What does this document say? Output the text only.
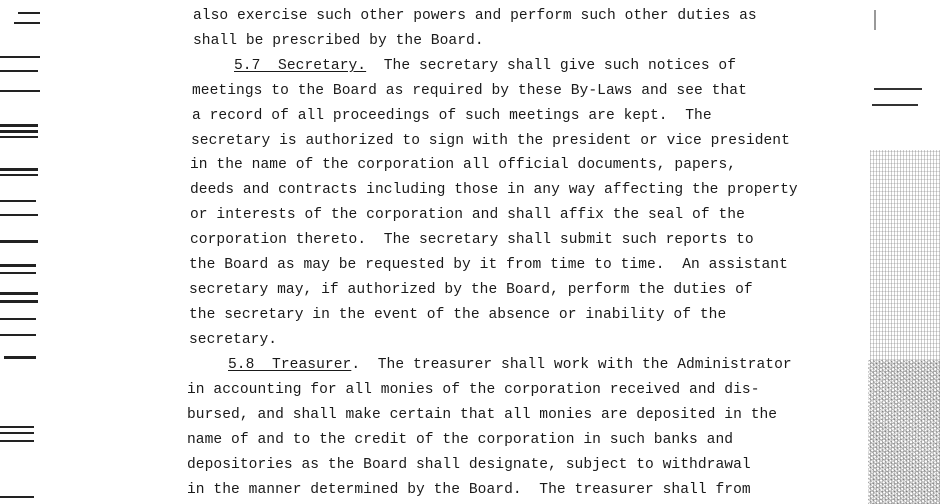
also exercise such other powers and perform such other duties as
shall be prescribed by the Board.
5.7  Secretary.  The secretary shall give such notices of
meetings to the Board as required by these By-Laws and see that
a record of all proceedings of such meetings are kept.  The
secretary is authorized to sign with the president or vice president
in the name of the corporation all official documents, papers,
deeds and contracts including those in any way affecting the property
or interests of the corporation and shall affix the seal of the
corporation thereto.  The secretary shall submit such reports to
the Board as may be requested by it from time to time.  An assistant
secretary may, if authorized by the Board, perform the duties of
the secretary in the event of the absence or inability of the
secretary.
5.8  Treasurer.  The treasurer shall work with the Administrator
in accounting for all monies of the corporation received and dis-
bursed, and shall make certain that all monies are deposited in the
name of and to the credit of the corporation in such banks and
depositories as the Board shall designate, subject to withdrawal
in the manner determined by the Board.  The treasurer shall from
